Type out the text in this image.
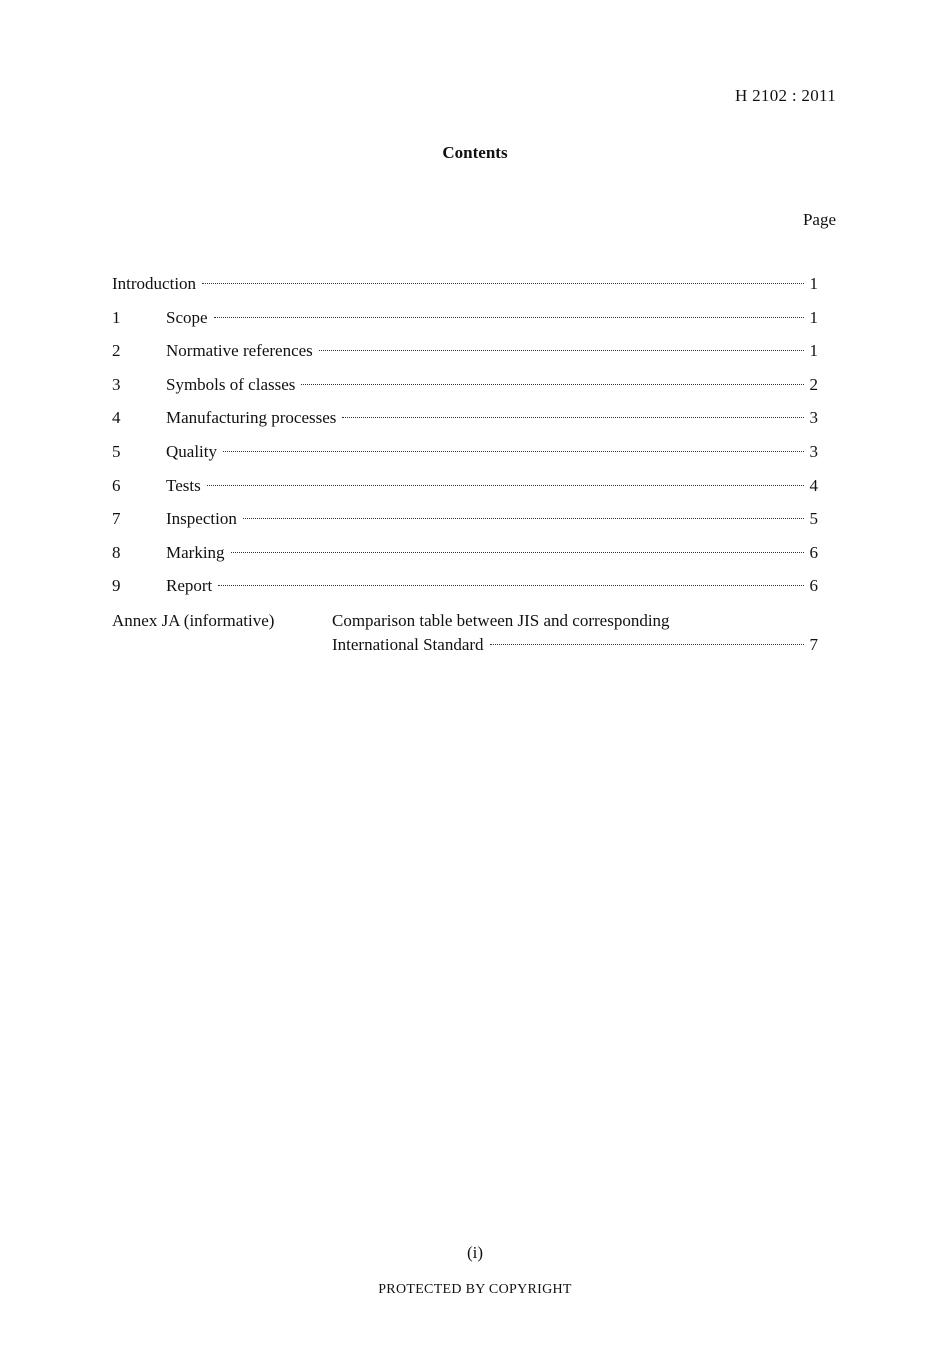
H 2102 : 2011
Contents
Page
Introduction	1
1	Scope	1
2	Normative references	1
3	Symbols of classes	2
4	Manufacturing processes	3
5	Quality	3
6	Tests	4
7	Inspection	5
8	Marking	6
9	Report	6
Annex JA (informative)	Comparison table between JIS and corresponding
International Standard	7
(i)
PROTECTED BY COPYRIGHT
